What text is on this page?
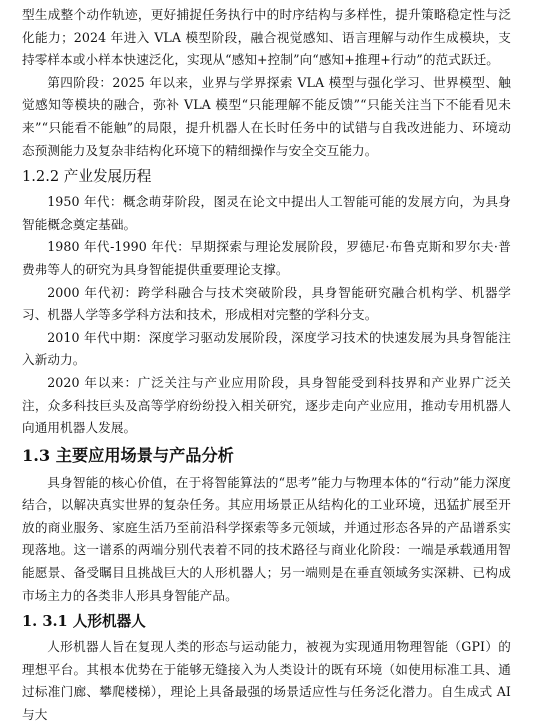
型生成整个动作轨迹，更好捕捉任务执行中的时序结构与多样性，提升策略稳定性与泛化能力；2024 年进入 VLA 模型阶段，融合视觉感知、语言理解与动作生成模块，支持零样本或小样本快速泛化，实现从“感知+控制”向“感知+推理+行动”的范式跃迁。

第四阶段：2025 年以来，业界与学界探索 VLA 模型与强化学习、世界模型、触觉感知等模块的融合，弥补 VLA 模型“只能理解不能反馈”“只能关注当下不能看见未来”“只能看不能触”的局限，提升机器人在长时任务中的试错与自我改进能力、环境动态预测能力及复杂非结构化环境下的精细操作与安全交互能力。

1.2.2 产业发展历程

1950 年代：概念萌芽阶段，图灵在论文中提出人工智能可能的发展方向，为具身智能概念奠定基础。

1980 年代-1990 年代：早期探索与理论发展阶段，罗德尼·布鲁克斯和罗尔夫·普费弗等人的研究为具身智能提供重要理论支撑。

2000 年代初：跨学科融合与技术突破阶段，具身智能研究融合机构学、机器学习、机器人学等多学科方法和技术，形成相对完整的学科分支。

2010 年代中期：深度学习驱动发展阶段，深度学习技术的快速发展为具身智能注入新动力。

2020 年以来：广泛关注与产业应用阶段，具身智能受到科技界和产业界广泛关注，众多科技巨头及高等学府纷纷投入相关研究，逐步走向产业应用，推动专用机器人向通用机器人发展。

1.3 主要应用场景与产品分析

具身智能的核心价值，在于将智能算法的“思考”能力与物理本体的“行动”能力深度结合，以解决真实世界的复杂任务。其应用场景正从结构化的工业环境，迅猛扩展至开放的商业服务、家庭生活乃至前沿科学探索等多元领域，并通过形态各异的产品谱系实现落地。这一谱系的两端分别代表着不同的技术路径与商业化阶段：一端是承载通用智能愿景、备受瞩目且挑战巨大的人形机器人；另一端则是在垂直领域务实深耕、已构成市场主力的各类非人形具身智能产品。

1. 3.1 人形机器人

人形机器人旨在复现人类的形态与运动能力，被视为实现通用物理智能（GPI）的理想平台。其根本优势在于能够无缝接入为人类设计的既有环境（如使用标准工具、通过标准门廊、攀爬楼梯），理论上具备最强的场景适应性与任务泛化潜力。自生成式 AI 与大
